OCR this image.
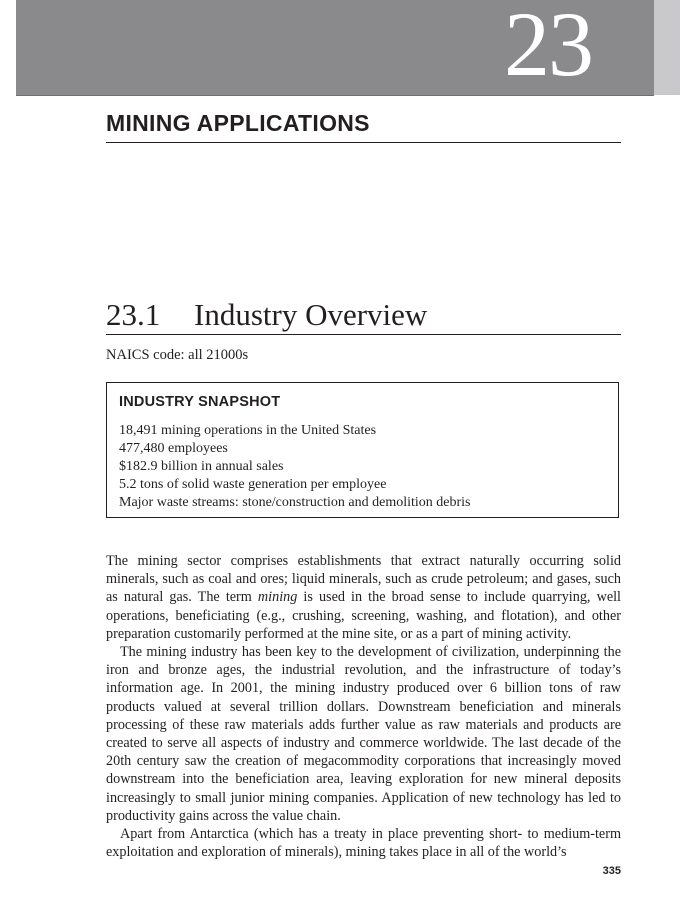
23
MINING APPLICATIONS
23.1 Industry Overview

NAICS code: all 21000s

INDUSTRY SNAPSHOT
18,491 mining operations in the United States
477,480 employees
$182.9 billion in annual sales
5.2 tons of solid waste generation per employee
Major waste streams: stone/construction and demolition debris

The mining sector comprises establishments that extract naturally occurring solid minerals, such as coal and ores; liquid minerals, such as crude petroleum; and gases, such as natural gas. The term mining is used in the broad sense to include quarrying, well operations, beneficiating (e.g., crushing, screening, washing, and flotation), and other preparation customarily performed at the mine site, or as a part of mining activity.

The mining industry has been key to the development of civilization, underpinning the iron and bronze ages, the industrial revolution, and the infrastructure of today’s information age. In 2001, the mining industry produced over 6 billion tons of raw products valued at several trillion dollars. Downstream beneficiation and minerals processing of these raw materials adds further value as raw materials and products are created to serve all aspects of industry and commerce worldwide. The last decade of the 20th century saw the creation of megacommodity corporations that increasingly moved downstream into the beneficiation area, leaving exploration for new mineral deposits increasingly to small junior mining companies. Application of new technology has led to productivity gains across the value chain.

Apart from Antarctica (which has a treaty in place preventing short- to medium-term exploitation and exploration of minerals), mining takes place in all of the world’s

335
